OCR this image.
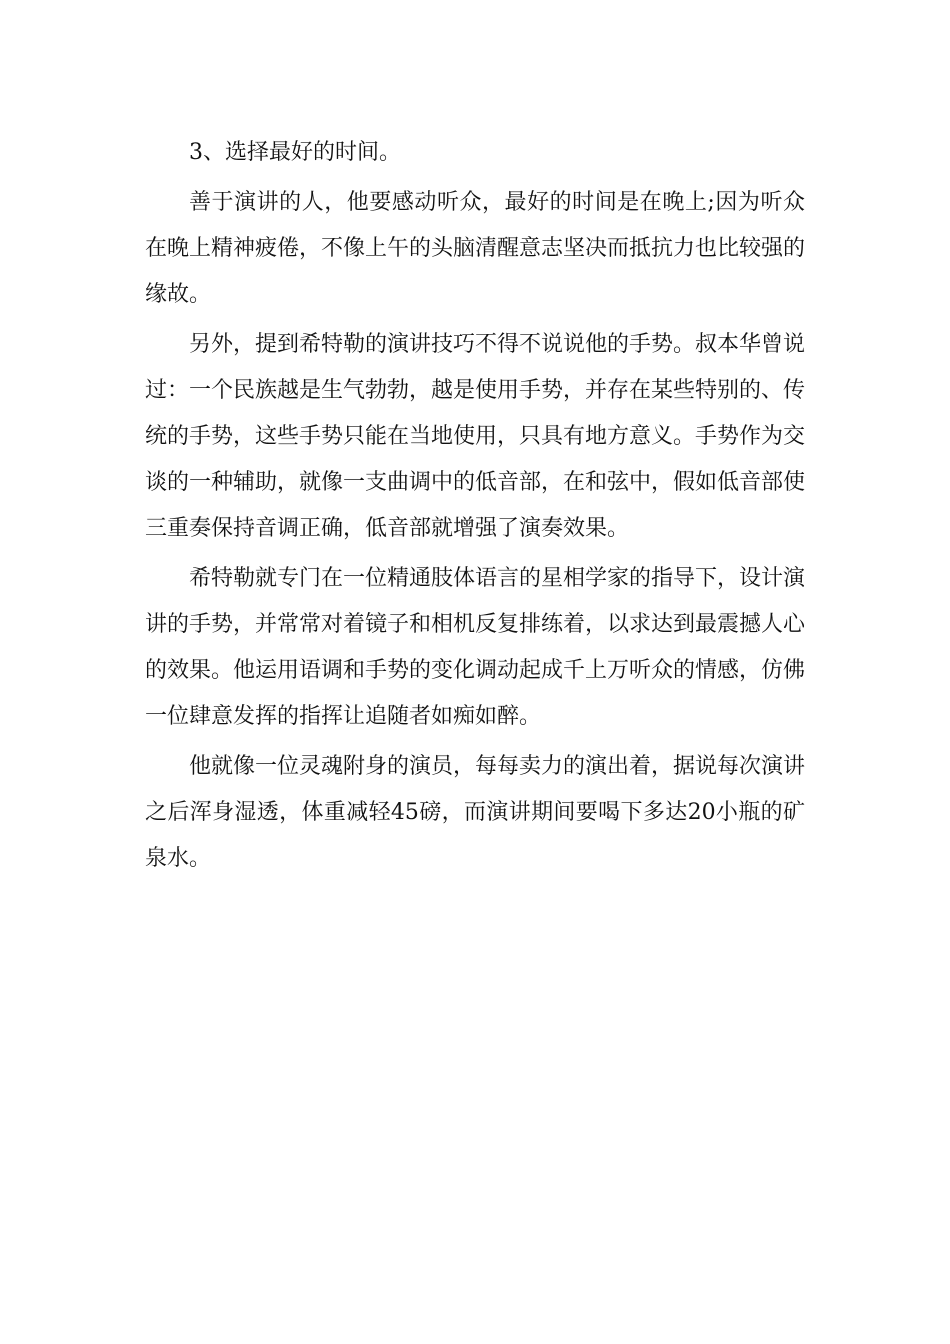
3、选择最好的时间。

善于演讲的人，他要感动听众，最好的时间是在晚上;因为听众在晚上精神疲倦，不像上午的头脑清醒意志坚决而抵抗力也比较强的缘故。

另外，提到希特勒的演讲技巧不得不说说他的手势。叔本华曾说过：一个民族越是生气勃勃，越是使用手势，并存在某些特别的、传统的手势，这些手势只能在当地使用，只具有地方意义。手势作为交谈的一种辅助，就像一支曲调中的低音部，在和弦中，假如低音部使三重奏保持音调正确，低音部就增强了演奏效果。

希特勒就专门在一位精通肢体语言的星相学家的指导下，设计演讲的手势，并常常对着镜子和相机反复排练着，以求达到最震撼人心的效果。他运用语调和手势的变化调动起成千上万听众的情感，仿佛一位肆意发挥的指挥让追随者如痴如醉。

他就像一位灵魂附身的演员，每每卖力的演出着，据说每次演讲之后浑身湿透，体重减轻45磅，而演讲期间要喝下多达20小瓶的矿泉水。
